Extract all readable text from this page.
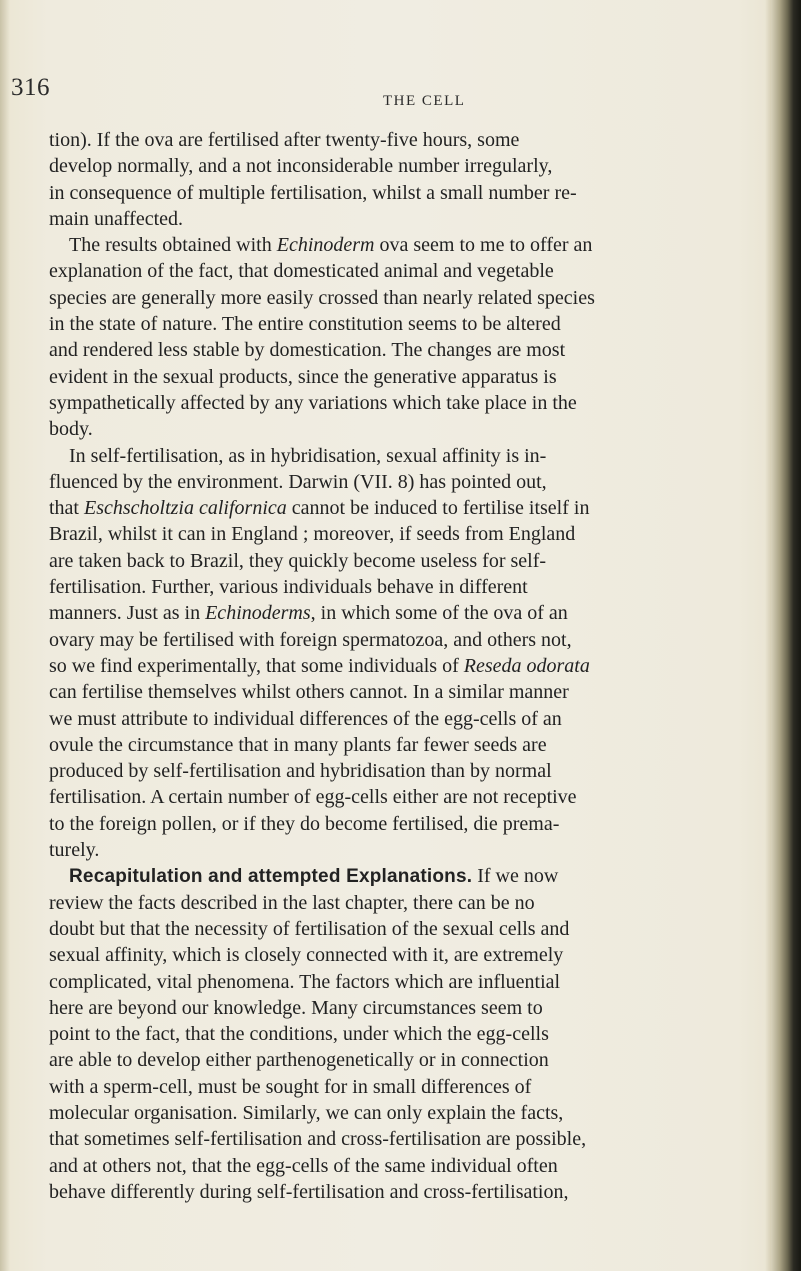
316	THE CELL
tion). If the ova are fertilised after twenty-five hours, some
develop normally, and a not inconsiderable number irregularly,
in consequence of multiple fertilisation, whilst a small number re-
main unaffected.
The results obtained with Echinoderm ova seem to me to offer an
explanation of the fact, that domesticated animal and vegetable
species are generally more easily crossed than nearly related species
in the state of nature. The entire constitution seems to be altered
and rendered less stable by domestication. The changes are most
evident in the sexual products, since the generative apparatus is
sympathetically affected by any variations which take place in the
body.
In self-fertilisation, as in hybridisation, sexual affinity is in-
fluenced by the environment. Darwin (VII. 8) has pointed out,
that Eschscholtzia californica cannot be induced to fertilise itself in
Brazil, whilst it can in England ; moreover, if seeds from England
are taken back to Brazil, they quickly become useless for self-
fertilisation. Further, various individuals behave in different
manners. Just as in Echinoderms, in which some of the ova of an
ovary may be fertilised with foreign spermatozoa, and others not,
so we find experimentally, that some individuals of Reseda odorata
can fertilise themselves whilst others cannot. In a similar manner
we must attribute to individual differences of the egg-cells of an
ovule the circumstance that in many plants far fewer seeds are
produced by self-fertilisation and hybridisation than by normal
fertilisation. A certain number of egg-cells either are not receptive
to the foreign pollen, or if they do become fertilised, die prema-
turely.
Recapitulation and attempted Explanations. If we now
review the facts described in the last chapter, there can be no
doubt but that the necessity of fertilisation of the sexual cells and
sexual affinity, which is closely connected with it, are extremely
complicated, vital phenomena. The factors which are influential
here are beyond our knowledge. Many circumstances seem to
point to the fact, that the conditions, under which the egg-cells
are able to develop either parthenogenetically or in connection
with a sperm-cell, must be sought for in small differences of
molecular organisation. Similarly, we can only explain the facts,
that sometimes self-fertilisation and cross-fertilisation are possible,
and at others not, that the egg-cells of the same individual often
behave differently during self-fertilisation and cross-fertilisation,
